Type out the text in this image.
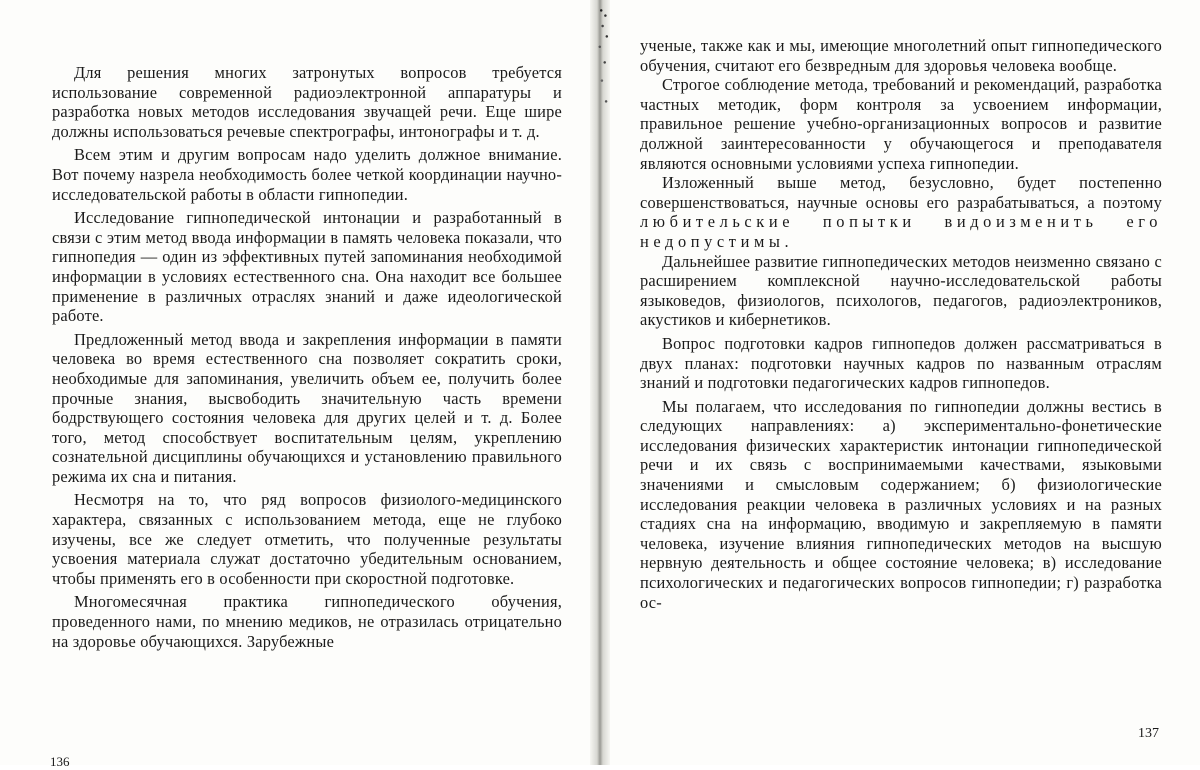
Для решения многих затронутых вопросов требуется использование современной радиоэлектронной аппаратуры и разработка новых методов исследования звучащей речи. Еще шире должны использоваться речевые спектрографы, интонографы и т. д.

Всем этим и другим вопросам надо уделить должное внимание. Вот почему назрела необходимость более четкой координации научно-исследовательской работы в области гипнопедии.

Исследование гипнопедической интонации и разработанный в связи с этим метод ввода информации в память человека показали, что гипнопедия — один из эффективных путей запоминания необходимой информации в условиях естественного сна. Она находит все большее применение в различных отраслях знаний и даже идеологической работе.

Предложенный метод ввода и закрепления информации в памяти человека во время естественного сна позволяет сократить сроки, необходимые для запоминания, увеличить объем ее, получить более прочные знания, высвободить значительную часть времени бодрствующего состояния человека для других целей и т. д. Более того, метод способствует воспитательным целям, укреплению сознательной дисциплины обучающихся и установлению правильного режима их сна и питания.

Несмотря на то, что ряд вопросов физиолого-медицинского характера, связанных с использованием метода, еще не глубоко изучены, все же следует отметить, что полученные результаты усвоения материала служат достаточно убедительным основанием, чтобы применять его в особенности при скоростной подготовке.

Многомесячная практика гипнопедического обучения, проведенного нами, по мнению медиков, не отразилась отрицательно на здоровье обучающихся. Зарубежные

ученые, также как и мы, имеющие многолетний опыт гипнопедического обучения, считают его безвредным для здоровья человека вообще.

Строгое соблюдение метода, требований и рекомендаций, разработка частных методик, форм контроля за усвоением информации, правильное решение учебно-организационных вопросов и развитие должной заинтересованности у обучающегося и преподавателя являются основными условиями успеха гипнопедии.

Изложенный выше метод, безусловно, будет постепенно совершенствоваться, научные основы его разрабатываться, а поэтому любительские попытки видоизменить его недопустимы.

Дальнейшее развитие гипнопедических методов неизменно связано с расширением комплексной научно-исследовательской работы языковедов, физиологов, психологов, педагогов, радиоэлектроников, акустиков и кибернетиков.

Вопрос подготовки кадров гипнопедов должен рассматриваться в двух планах: подготовки научных кадров по названным отраслям знаний и подготовки педагогических кадров гипнопедов.

Мы полагаем, что исследования по гипнопедии должны вестись в следующих направлениях: а) экспериментально-фонетические исследования физических характеристик интонации гипнопедической речи и их связь с воспринимаемыми качествами, языковыми значениями и смысловым содержанием; б) физиологические исследования реакции человека в различных условиях и на разных стадиях сна на информацию, вводимую и закрепляемую в памяти человека, изучение влияния гипнопедических методов на высшую нервную деятельность и общее состояние человека; в) исследование психологических и педагогических вопросов гипнопедии; г) разработка ос-

137
136
